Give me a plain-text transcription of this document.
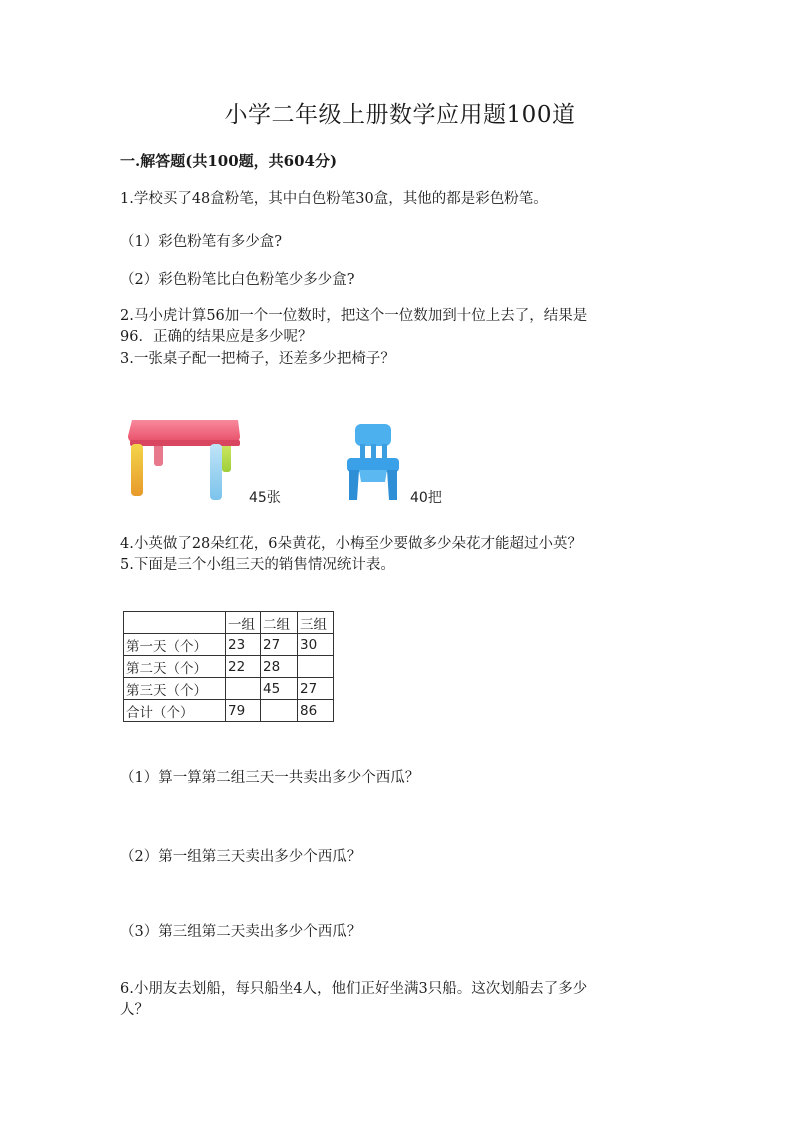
小学二年级上册数学应用题100道
一.解答题(共100题，共604分)
1.学校买了48盒粉笔，其中白色粉笔30盒，其他的都是彩色粉笔。
（1）彩色粉笔有多少盒?
（2）彩色粉笔比白色粉笔少多少盒?
2.马小虎计算56加一个一位数时，把这个一位数加到十位上去了，结果是
96．正确的结果应是多少呢？
3.一张桌子配一把椅子，还差多少把椅子？
45张	40把
4.小英做了28朵红花，6朵黄花，小梅至少要做多少朵花才能超过小英？
5.下面是三个小组三天的销售情况统计表。
	一组	二组	三组
第一天（个）	23	27	30
第二天（个）	22	28	
第三天（个）		45	27
合计（个）	79		86
（1）算一算第二组三天一共卖出多少个西瓜？
（2）第一组第三天卖出多少个西瓜？
（3）第三组第二天卖出多少个西瓜？
6.小朋友去划船，每只船坐4人，他们正好坐满3只船。这次划船去了多少
人？
